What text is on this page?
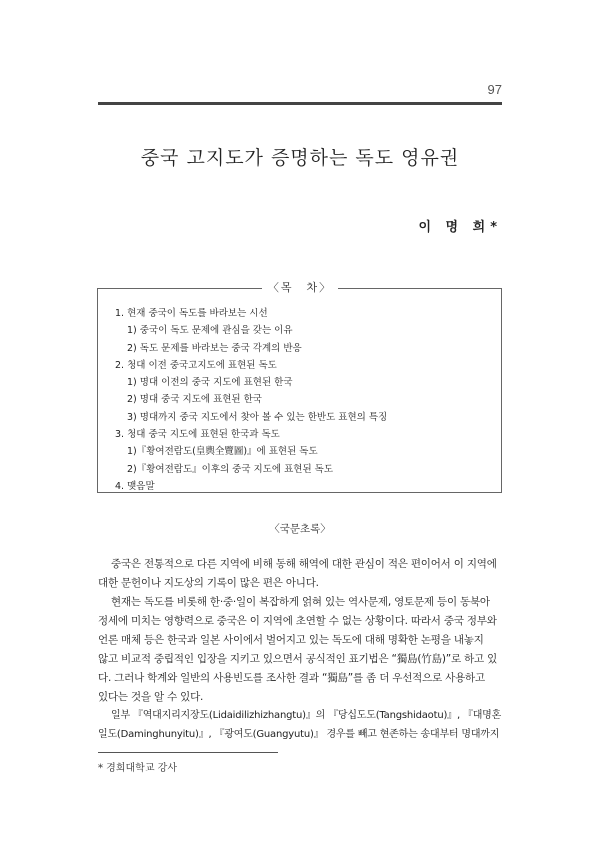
97
중국 고지도가 증명하는 독도 영유권
이 명 희*
〈목　차〉
1. 현재 중국이 독도를 바라보는 시선
1) 중국이 독도 문제에 관심을 갖는 이유
2) 독도 문제를 바라보는 중국 각계의 반응
2. 청대 이전 중국고지도에 표현된 독도
1) 명대 이전의 중국 지도에 표현된 한국
2) 명대 중국 지도에 표현된 한국
3) 명대까지 중국 지도에서 찾아 볼 수 있는 한반도 표현의 특징
3. 청대 중국 지도에 표현된 한국과 독도
1)『황여전람도(皇輿全覽圖)』에 표현된 독도
2)『황여전람도』이후의 중국 지도에 표현된 독도
4. 맺음말
〈국문초록〉
중국은 전통적으로 다른 지역에 비해 동해 해역에 대한 관심이 적은 편이어서 이 지역에
대한 문헌이나 지도상의 기록이 많은 편은 아니다.
현재는 독도를 비롯해 한·중·일이 복잡하게 얽혀 있는 역사문제, 영토문제 등이 동북아
정세에 미치는 영향력으로 중국은 이 지역에 초연할 수 없는 상황이다. 따라서 중국 정부와
언론 매체 등은 한국과 일본 사이에서 벌어지고 있는 독도에 대해 명확한 논평을 내놓지
않고 비교적 중립적인 입장을 지키고 있으면서 공식적인 표기법은 “獨島(竹島)”로 하고 있
다. 그러나 학계와 일반의 사용빈도를 조사한 결과 “獨島”를 좀 더 우선적으로 사용하고
있다는 것을 알 수 있다.
일부 『역대지리지장도(Lidaidilizhizhangtu)』의 『당십도도(Tangshidaotu)』, 『대명혼
일도(Daminghunyitu)』, 『광여도(Guangyutu)』 경우를 빼고 현존하는 송대부터 명대까지
* 경희대학교 강사
